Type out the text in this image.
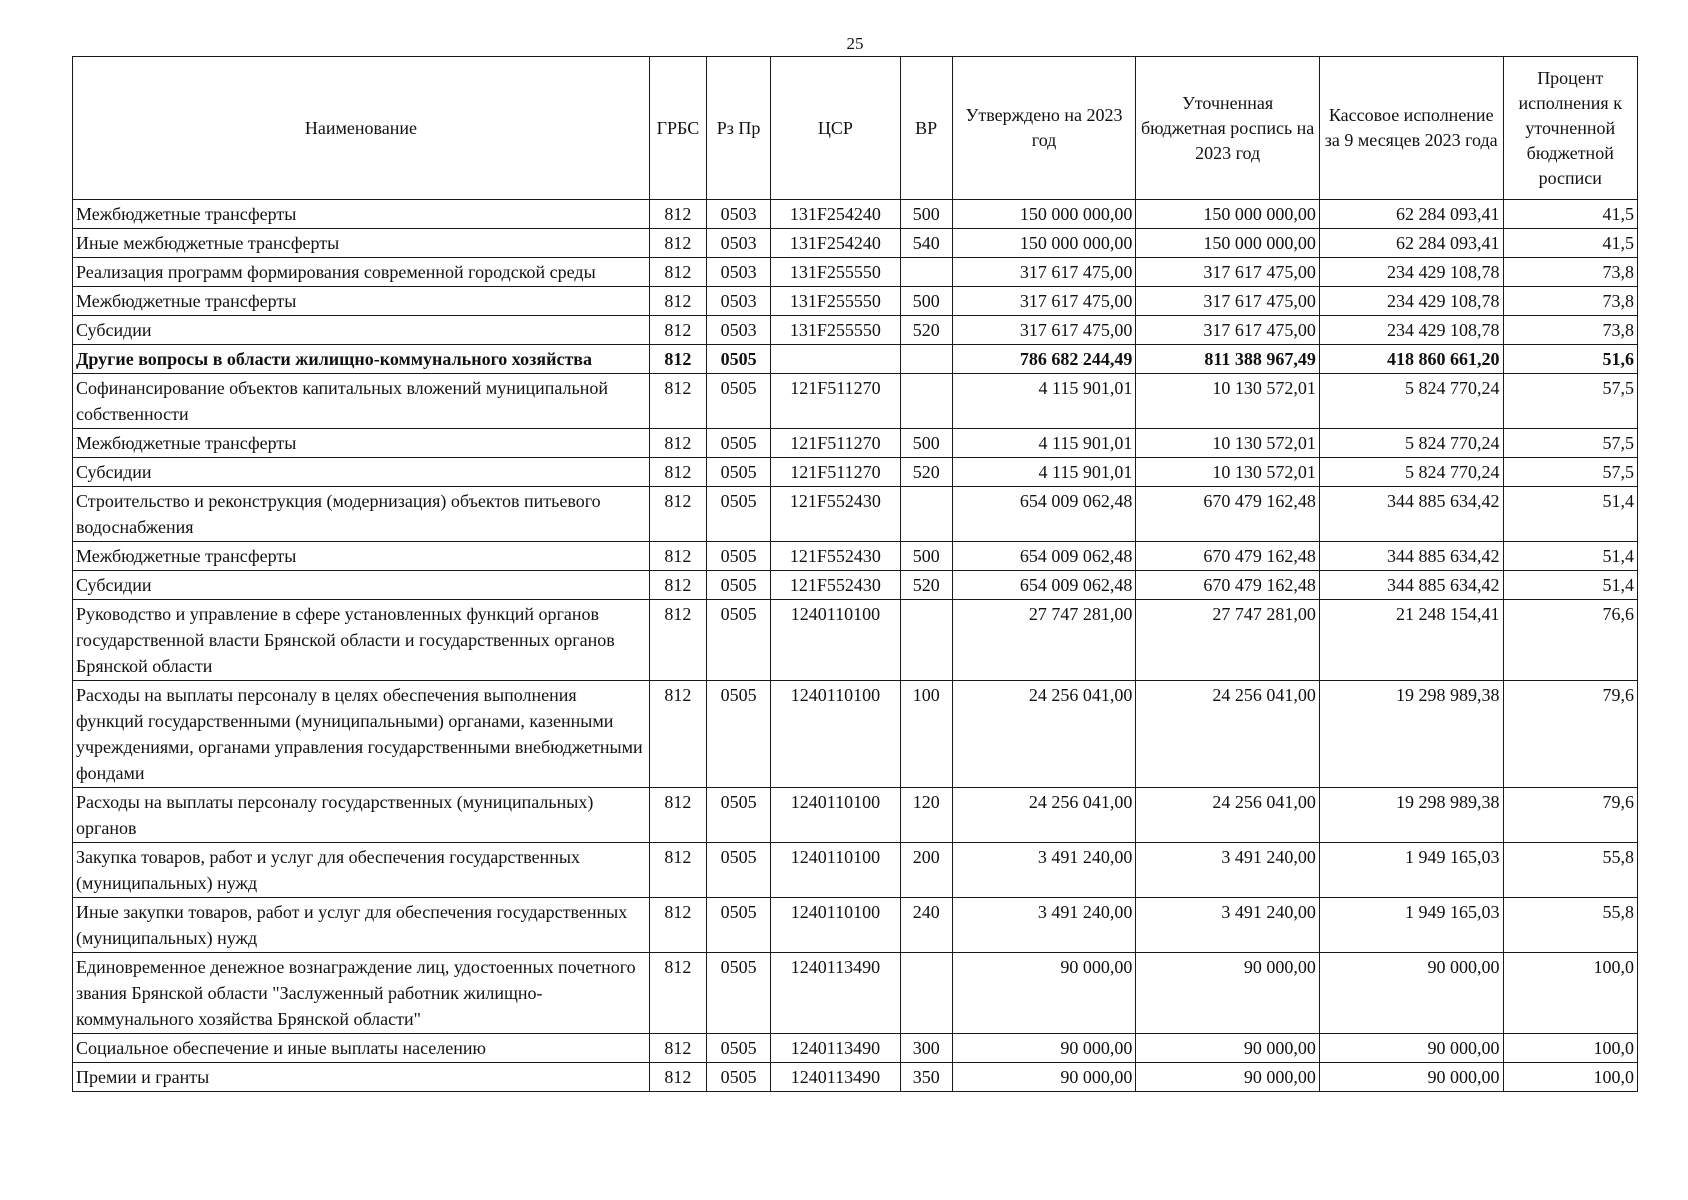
25
Наименование	ГРБС	Рз Пр	ЦСР	ВР	Утверждено на 2023 год	Уточненная бюджетная роспись на 2023 год	Кассовое исполнение за 9 месяцев 2023 года	Процент исполнения к уточненной бюджетной росписи
Межбюджетные трансферты	812	0503	131F254240	500	150 000 000,00	150 000 000,00	62 284 093,41	41,5
Иные межбюджетные трансферты	812	0503	131F254240	540	150 000 000,00	150 000 000,00	62 284 093,41	41,5
Реализация программ формирования современной городской среды	812	0503	131F255550		317 617 475,00	317 617 475,00	234 429 108,78	73,8
Межбюджетные трансферты	812	0503	131F255550	500	317 617 475,00	317 617 475,00	234 429 108,78	73,8
Субсидии	812	0503	131F255550	520	317 617 475,00	317 617 475,00	234 429 108,78	73,8
Другие вопросы в области жилищно-коммунального хозяйства	812	0505			786 682 244,49	811 388 967,49	418 860 661,20	51,6
Софинансирование объектов капитальных вложений муниципальной собственности	812	0505	121F511270		4 115 901,01	10 130 572,01	5 824 770,24	57,5
Межбюджетные трансферты	812	0505	121F511270	500	4 115 901,01	10 130 572,01	5 824 770,24	57,5
Субсидии	812	0505	121F511270	520	4 115 901,01	10 130 572,01	5 824 770,24	57,5
Строительство и реконструкция (модернизация) объектов питьевого водоснабжения	812	0505	121F552430		654 009 062,48	670 479 162,48	344 885 634,42	51,4
Межбюджетные трансферты	812	0505	121F552430	500	654 009 062,48	670 479 162,48	344 885 634,42	51,4
Субсидии	812	0505	121F552430	520	654 009 062,48	670 479 162,48	344 885 634,42	51,4
Руководство и управление в сфере установленных функций органов государственной власти Брянской области и государственных органов Брянской области	812	0505	1240110100		27 747 281,00	27 747 281,00	21 248 154,41	76,6
Расходы на выплаты персоналу в целях обеспечения выполнения функций государственными (муниципальными) органами, казенными учреждениями, органами управления государственными внебюджетными фондами	812	0505	1240110100	100	24 256 041,00	24 256 041,00	19 298 989,38	79,6
Расходы на выплаты персоналу государственных (муниципальных) органов	812	0505	1240110100	120	24 256 041,00	24 256 041,00	19 298 989,38	79,6
Закупка товаров, работ и услуг для обеспечения государственных (муниципальных) нужд	812	0505	1240110100	200	3 491 240,00	3 491 240,00	1 949 165,03	55,8
Иные закупки товаров, работ и услуг для обеспечения государственных (муниципальных) нужд	812	0505	1240110100	240	3 491 240,00	3 491 240,00	1 949 165,03	55,8
Единовременное денежное вознаграждение лиц, удостоенных почетного звания Брянской области "Заслуженный работник жилищно-коммунального хозяйства Брянской области"	812	0505	1240113490		90 000,00	90 000,00	90 000,00	100,0
Социальное обеспечение и иные выплаты населению	812	0505	1240113490	300	90 000,00	90 000,00	90 000,00	100,0
Премии и гранты	812	0505	1240113490	350	90 000,00	90 000,00	90 000,00	100,0
